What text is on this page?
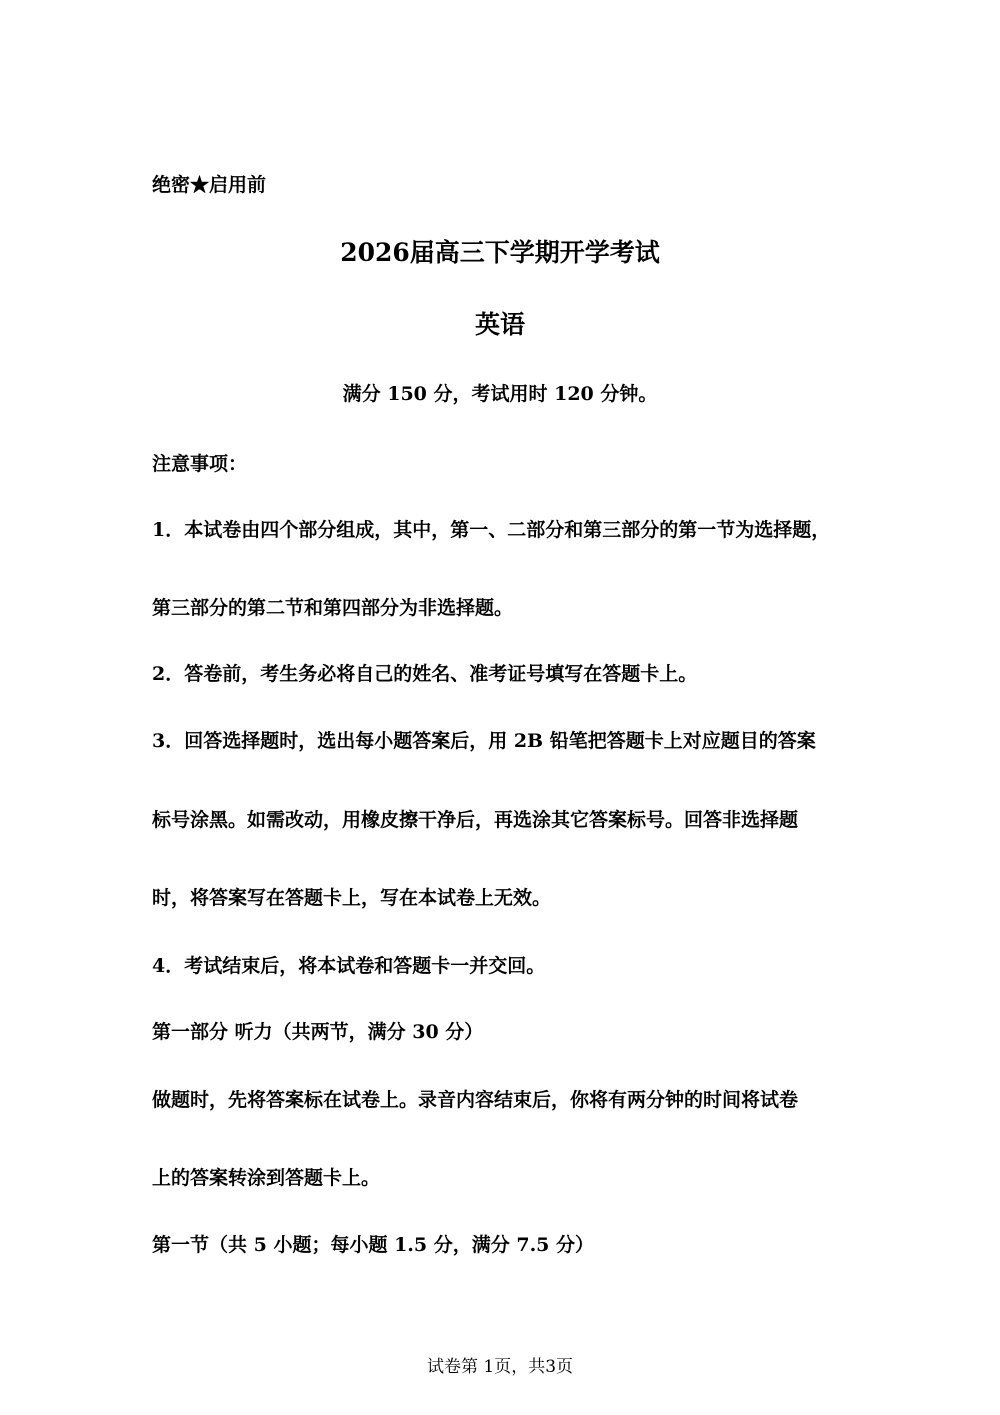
绝密★启用前

2026届高三下学期开学考试
英语

满分 150 分，考试用时 120 分钟。

注意事项：

1．本试卷由四个部分组成，其中，第一、二部分和第三部分的第一节为选择题，

第三部分的第二节和第四部分为非选择题。

2．答卷前，考生务必将自己的姓名、准考证号填写在答题卡上。

3．回答选择题时，选出每小题答案后，用 2B 铅笔把答题卡上对应题目的答案

标号涂黑。如需改动，用橡皮擦干净后，再选涂其它答案标号。回答非选择题

时，将答案写在答题卡上，写在本试卷上无效。

4．考试结束后，将本试卷和答题卡一并交回。

第一部分 听力（共两节，满分 30 分）

做题时，先将答案标在试卷上。录音内容结束后，你将有两分钟的时间将试卷

上的答案转涂到答题卡上。

第一节（共 5 小题；每小题 1.5 分，满分 7.5 分）

试卷第 1页，共3页
